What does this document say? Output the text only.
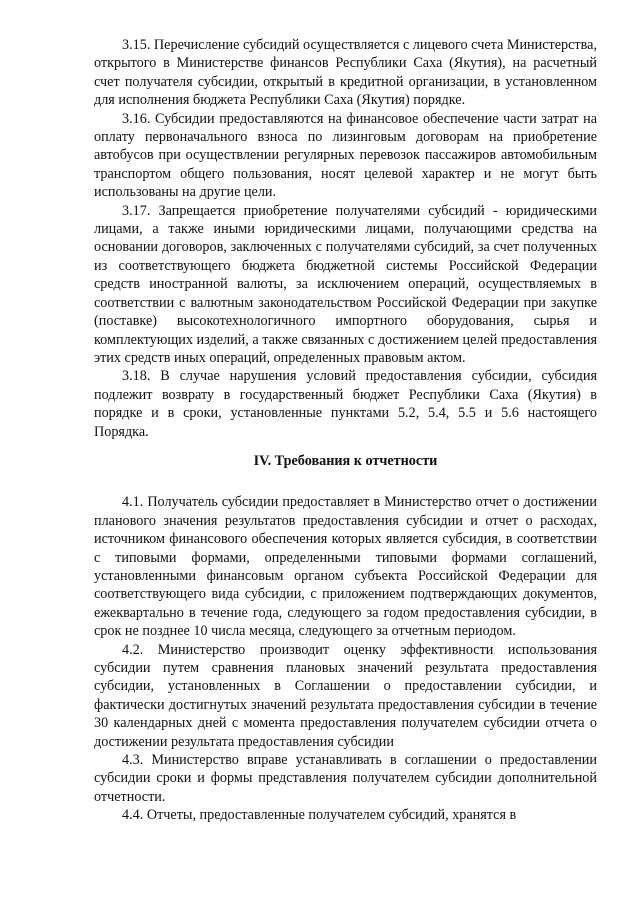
3.15. Перечисление субсидий осуществляется с лицевого счета Министерства, открытого в Министерстве финансов Республики Саха (Якутия), на расчетный счет получателя субсидии, открытый в кредитной организации, в установленном для исполнения бюджета Республики Саха (Якутия) порядке.

3.16. Субсидии предоставляются на финансовое обеспечение части затрат на оплату первоначального взноса по лизинговым договорам на приобретение автобусов при осуществлении регулярных перевозок пассажиров автомобильным транспортом общего пользования, носят целевой характер и не могут быть использованы на другие цели.

3.17. Запрещается приобретение получателями субсидий - юридическими лицами, а также иными юридическими лицами, получающими средства на основании договоров, заключенных с получателями субсидий, за счет полученных из соответствующего бюджета бюджетной системы Российской Федерации средств иностранной валюты, за исключением операций, осуществляемых в соответствии с валютным законодательством Российской Федерации при закупке (поставке) высокотехнологичного импортного оборудования, сырья и комплектующих изделий, а также связанных с достижением целей предоставления этих средств иных операций, определенных правовым актом.

3.18. В случае нарушения условий предоставления субсидии, субсидия подлежит возврату в государственный бюджет Республики Саха (Якутия) в порядке и в сроки, установленные пунктами 5.2, 5.4, 5.5 и 5.6 настоящего Порядка.

IV. Требования к отчетности

4.1. Получатель субсидии предоставляет в Министерство отчет о достижении планового значения результатов предоставления субсидии и отчет о расходах, источником финансового обеспечения которых является субсидия, в соответствии с типовыми формами, определенными типовыми формами соглашений, установленными финансовым органом субъекта Российской Федерации для соответствующего вида субсидии, с приложением подтверждающих документов, ежеквартально в течение года, следующего за годом предоставления субсидии, в срок не позднее 10 числа месяца, следующего за отчетным периодом.

4.2. Министерство производит оценку эффективности использования субсидии путем сравнения плановых значений результата предоставления субсидии, установленных в Соглашении о предоставлении субсидии, и фактически достигнутых значений результата предоставления субсидии в течение 30 календарных дней с момента предоставления получателем субсидии отчета о достижении результата предоставления субсидии

4.3. Министерство вправе устанавливать в соглашении о предоставлении субсидии сроки и формы представления получателем субсидии дополнительной отчетности.

4.4. Отчеты, предоставленные получателем субсидий, хранятся в
